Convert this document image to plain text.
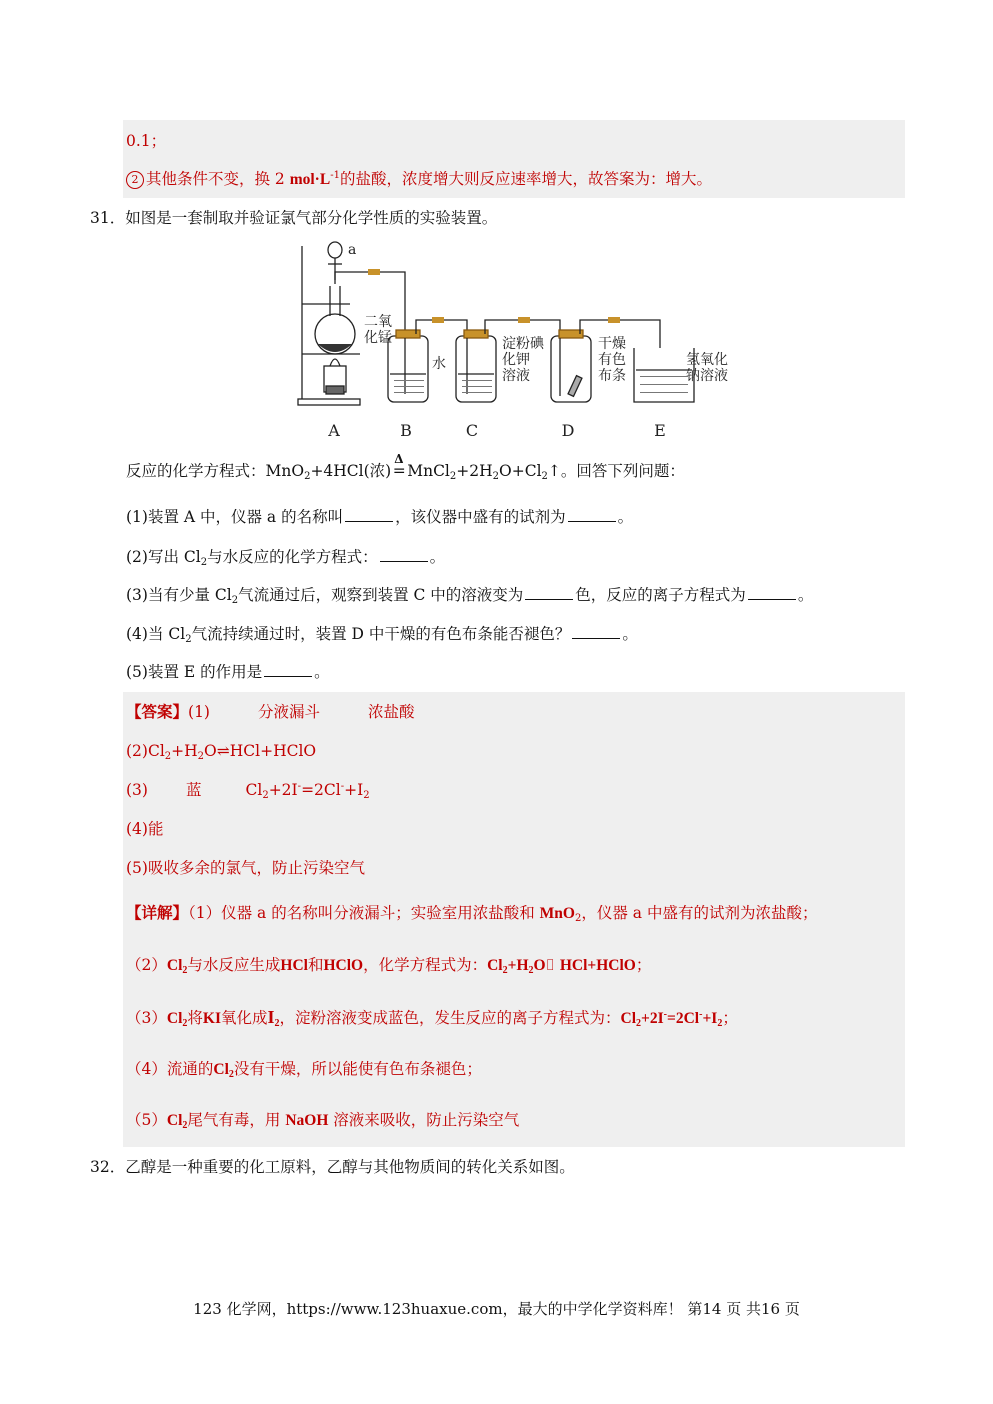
0.1；
2 其他条件不变，换 2 $mol\cdot L^{-1}$的盐酸，浓度增大则反应速率增大，故答案为：增大。
31．如图是一套制取并验证氯气部分化学性质的实验装置。
a
二氧
化锰
水
淀粉碘
化钾
溶液
干燥
有色
布条
氢氧化
钠溶液
A	B	C	D	E
反应的化学方程式：MnO$_2$+4HCl(浓)
Δ
$=MnCl_2+2H_2O+Cl_2↑$。回答下列问题：
(1)装置 A 中，仪器 a 的名称叫	，该仪器中盛有的试剂为	。
(2)写出 $Cl_2$与水反应的化学方程式：	。
(3)当有少量 $Cl_2$气流通过后，观察到装置 C 中的溶液变为	色，反应的离子方程式为	。
(4)当 $Cl_2$气流持续通过时，装置 D 中干燥的有色布条能否褪色？	。
(5)装置 E 的作用是	。
【答案】(1)	分液漏斗	浓盐酸
$(2)Cl_2+H_2O\rightleftharpoons HCl+HClO$
(3) 蓝	$Cl_2+2I^-=2Cl^-+I_2$
(4)能
(5)吸收多余的氯气，防止污染空气
【详解】（1）仪器 a 的名称叫分液漏斗；实验室用浓盐酸和 MnO$_2$，仪器 a 中盛有的试剂为浓盐酸；
$(2)Cl_2$与水反应生成HCl和HClO，化学方程式为：$Cl_2+H_2O⌷$ HCl+HClO；
$(3)Cl_2$将KI氧化成$I_2$，淀粉溶液变成蓝色，发生反应的离子方程式为：$Cl_2+2I^-=2Cl^-+I_2$；
（4）流通的$Cl_2$没有干燥，所以能使有色布条褪色；
$(5)Cl_2$尾气有毒，用 NaOH 溶液来吸收，防止污染空气
32．乙醇是一种重要的化工原料，乙醇与其他物质间的转化关系如图。
123 化学网，https://www.123huaxue.com，最大的中学化学资料库！ 第14 页 共16 页
